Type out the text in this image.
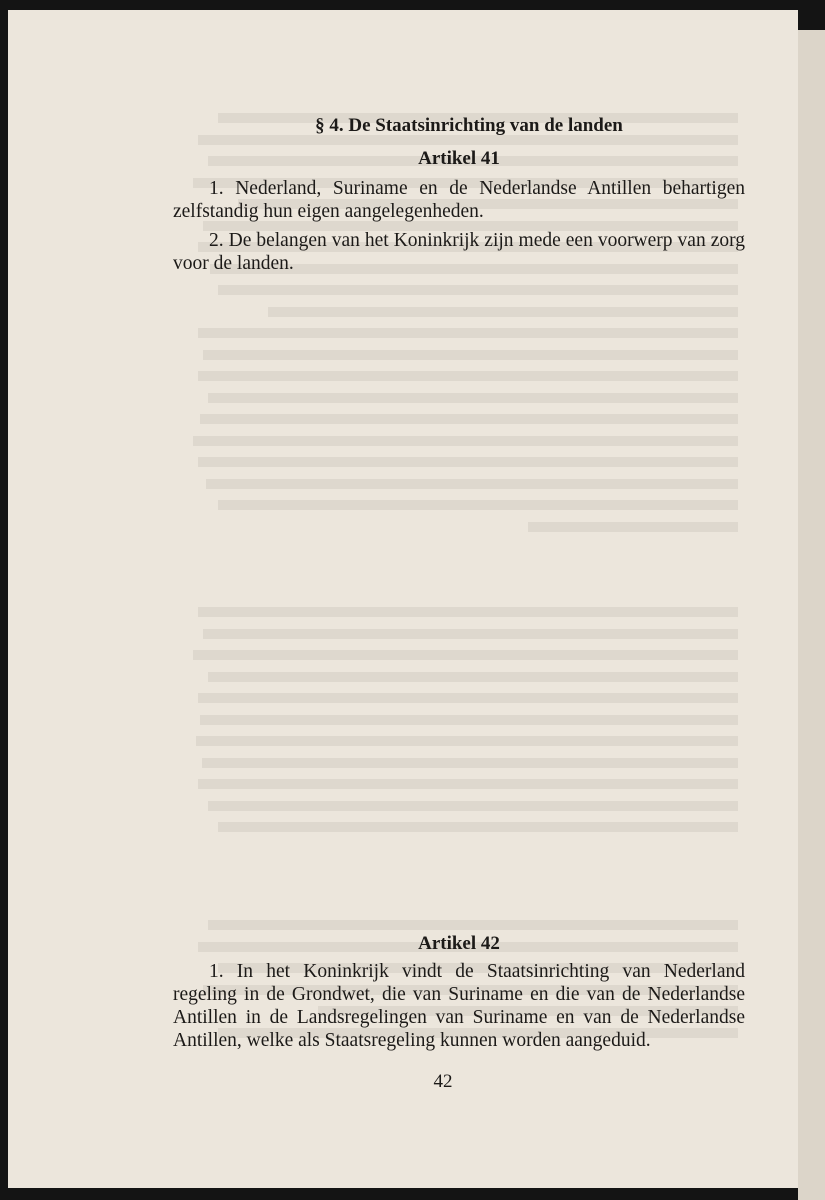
§ 4. De Staatsinrichting van de landen
Artikel 41

1. Nederland, Suriname en de Nederlandse Antillen behartigen zelfstandig hun eigen aangelegenheden.

2. De belangen van het Koninkrijk zijn mede een voorwerp van zorg voor de landen.

Artikel 42

1. In het Koninkrijk vindt de Staatsinrichting van Nederland regeling in de Grondwet, die van Suriname en die van de Nederlandse Antillen in de Landsregelingen van Suriname en van de Nederlandse Antillen, welke als Staatsregeling kunnen worden aangeduid.

42
